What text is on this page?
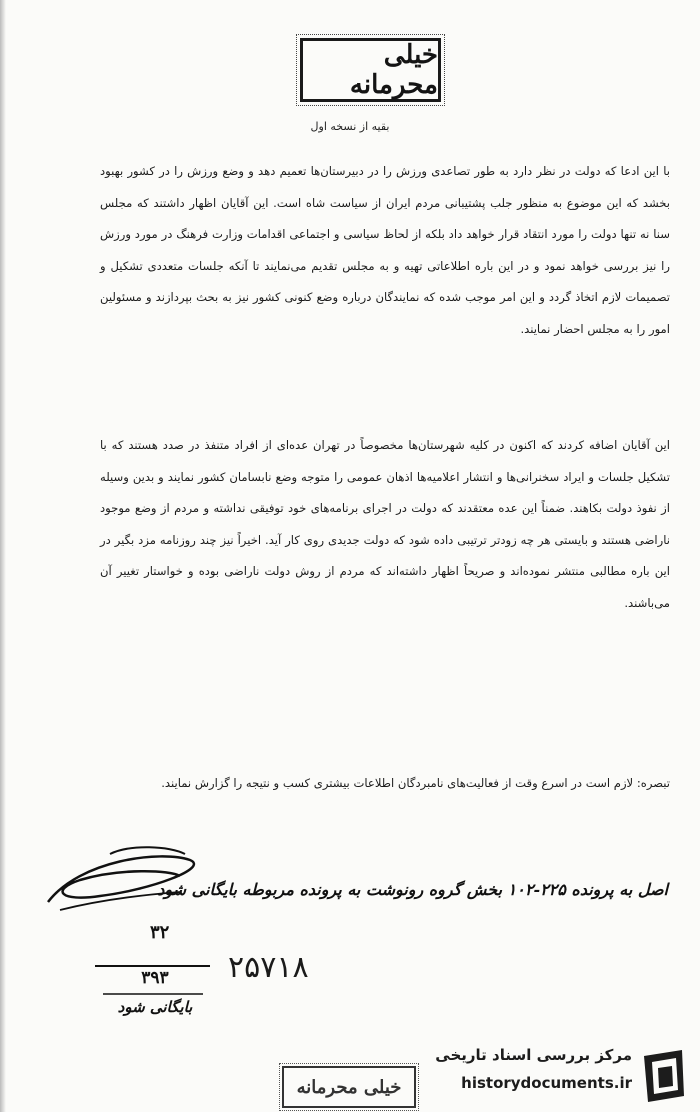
خیلی محرمانه
بقیه از نسخه اول
با این ادعا که دولت در نظر دارد به طور تصاعدی ورزش را در دبیرستان‌ها تعمیم دهد و وضع ورزش را در کشور بهبود بخشد که این موضوع به منظور جلب پشتیبانی مردم ایران از سیاست شاه است. این آقایان اظهار داشتند که مجلس سنا نه تنها دولت را مورد انتقاد قرار خواهد داد بلکه از لحاظ سیاسی و اجتماعی اقدامات وزارت فرهنگ در مورد ورزش را نیز بررسی خواهد نمود و در این باره اطلاعاتی تهیه و به مجلس تقدیم می‌نمایند تا آنکه جلسات متعددی تشکیل و تصمیمات لازم اتخاذ گردد و این امر موجب شده که نمایندگان درباره وضع کنونی کشور نیز به بحث بپردازند و مسئولین امور را به مجلس احضار نمایند.
این آقایان اضافه کردند که اکنون در کلیه شهرستان‌ها مخصوصاً در تهران عده‌ای از افراد متنفذ در صدد هستند که با تشکیل جلسات و ایراد سخنرانی‌ها و انتشار اعلامیه‌ها اذهان عمومی را متوجه وضع نابسامان کشور نمایند و بدین وسیله از نفوذ دولت بکاهند. ضمناً این عده معتقدند که دولت در اجرای برنامه‌های خود توفیقی نداشته و مردم از وضع موجود ناراضی هستند و بایستی هر چه زودتر ترتیبی داده شود که دولت جدیدی روی کار آید. اخیراً نیز چند روزنامه مزد بگیر در این باره مطالبی منتشر نموده‌اند و صریحاً اظهار داشته‌اند که مردم از روش دولت ناراضی بوده و خواستار تغییر آن می‌باشند.
تبصره: لازم است در اسرع وقت از فعالیت‌های نامبردگان اطلاعات بیشتری کسب و نتیجه را گزارش نمایند.
اصل به پرونده ۲۲۵-۱۰۲ بخش گروه رونوشت به پرونده مربوطه بایگانی شود
۳۲
۳۹۳
بایگانی شود
۲۵۷۱۸
خیلی محرمانه
مرکز بررسی اسناد تاریخی
historydocuments.ir
